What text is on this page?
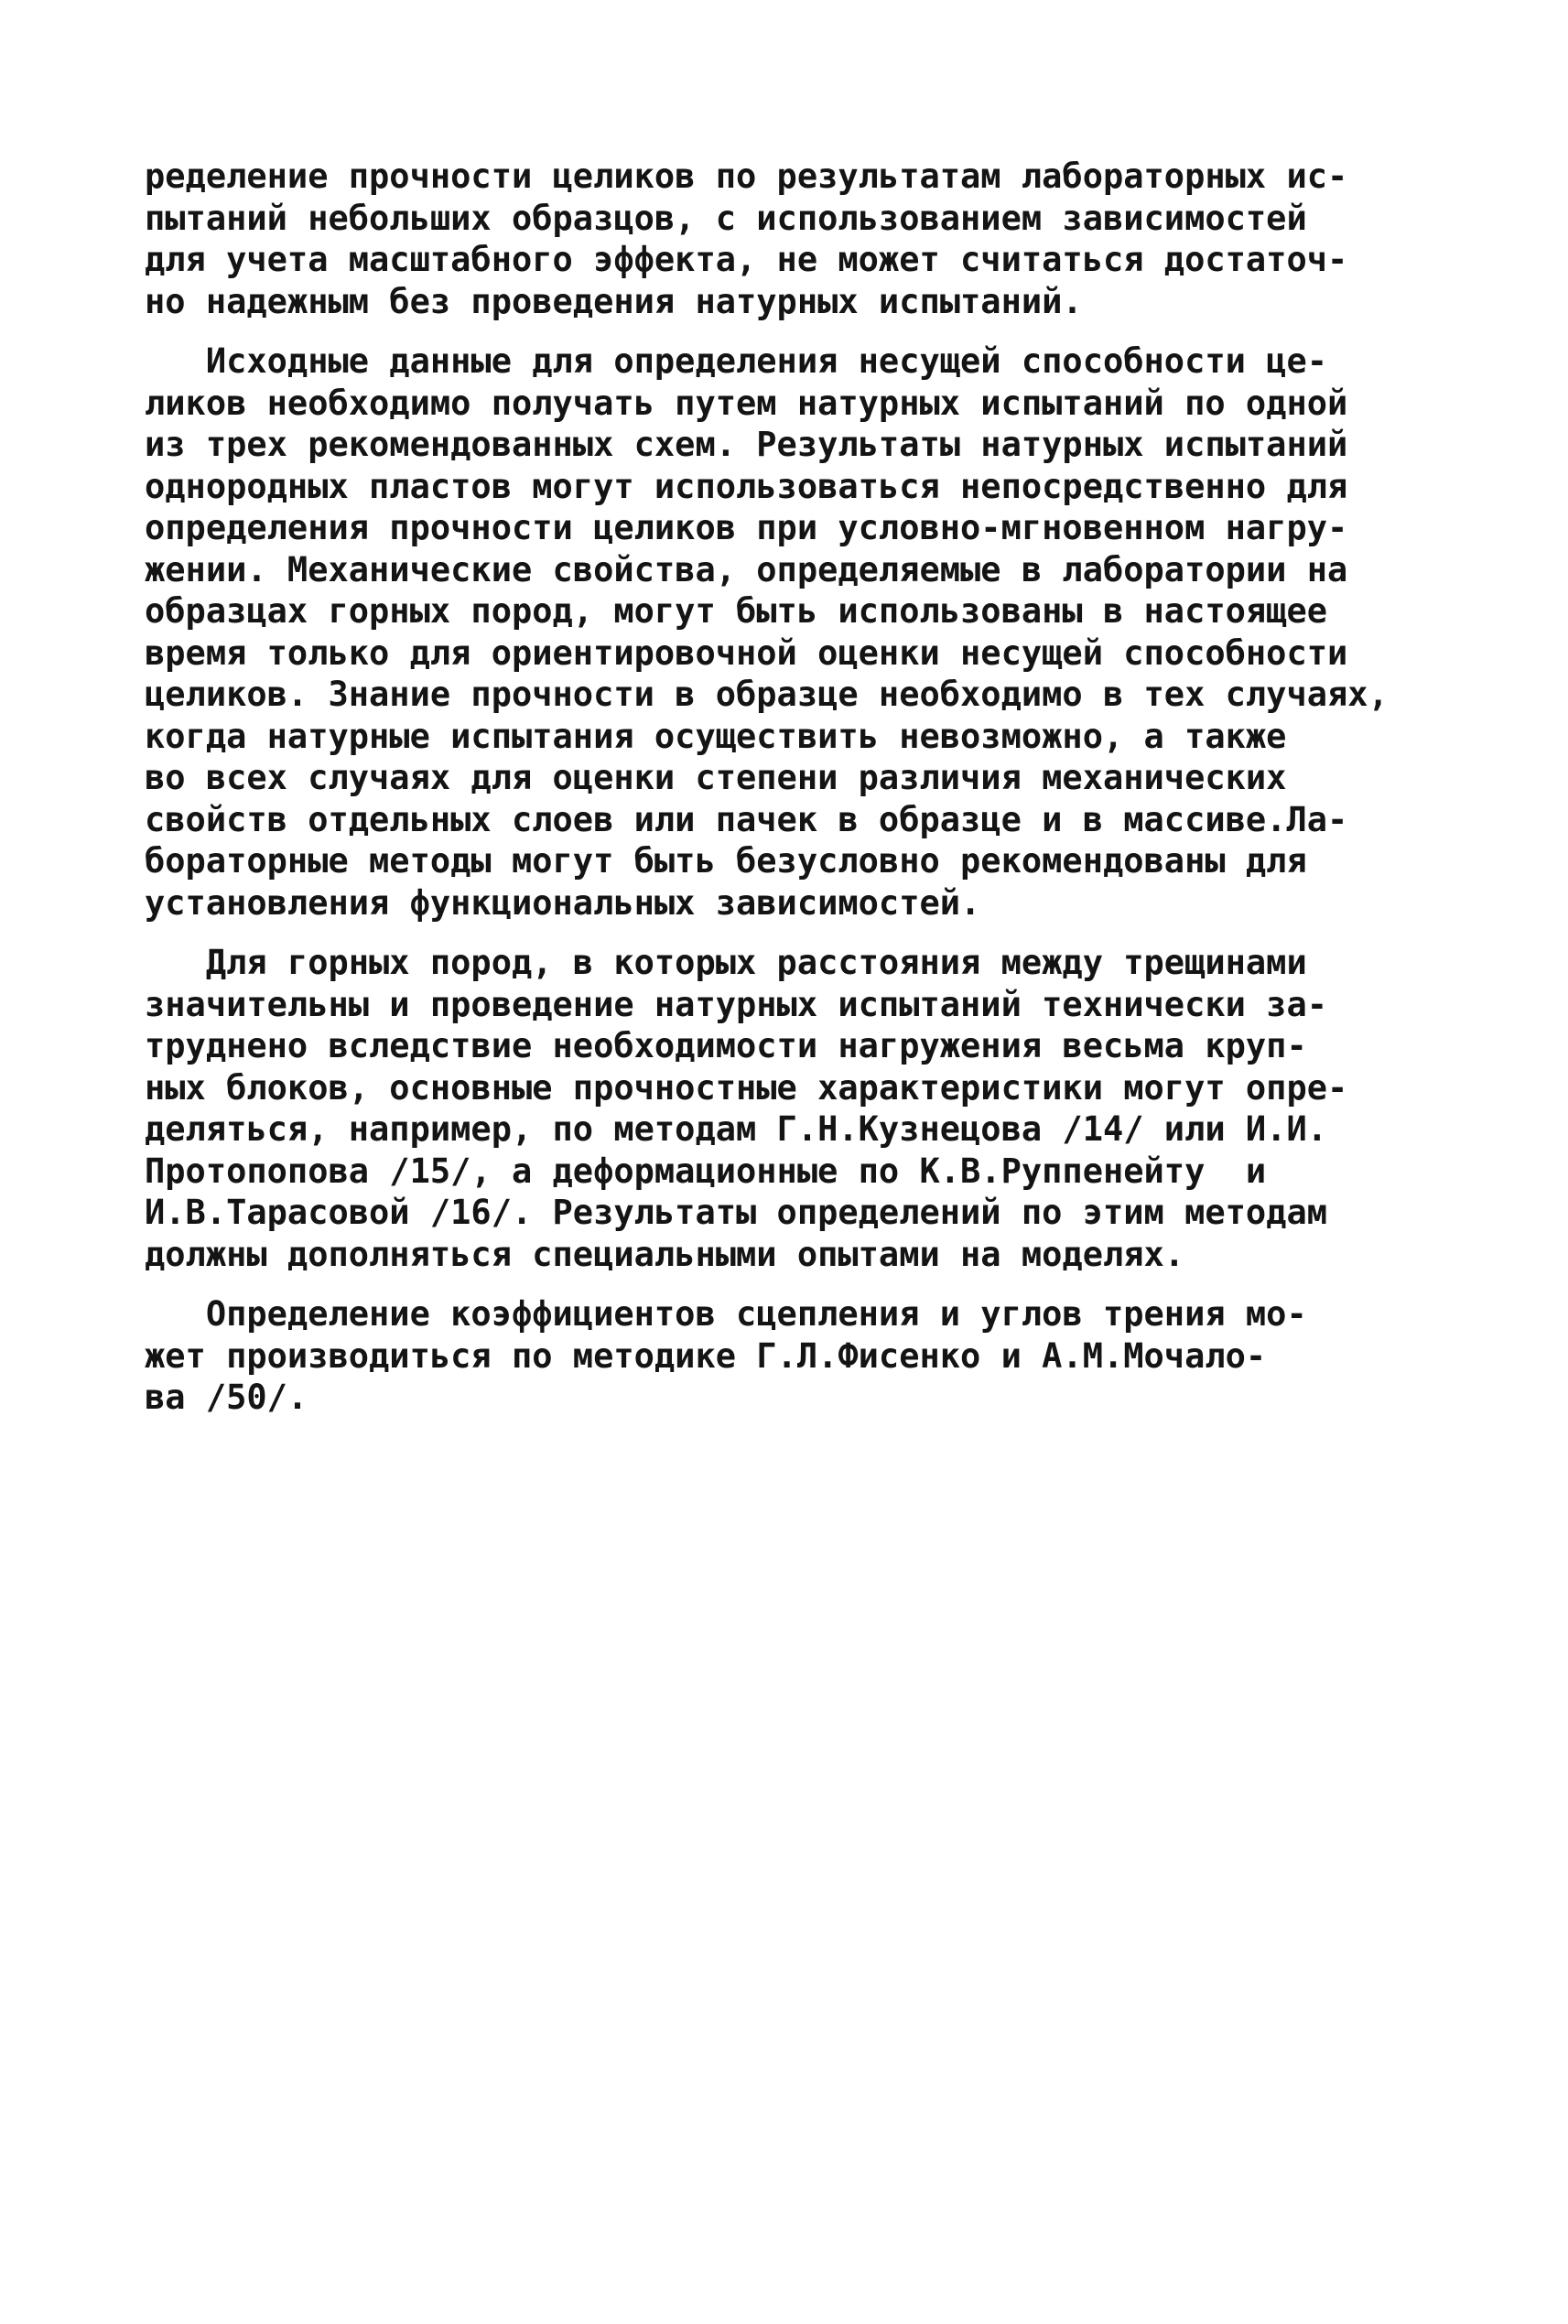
ределение прочности целиков по результатам лабораторных ис-
пытаний небольших образцов, с использованием зависимостей
для учета масштабного эффекта, не может считаться достаточ-
но надежным без проведения натурных испытаний.
Исходные данные для определения несущей способности це-
ликов необходимо получать путем натурных испытаний по одной
из трех рекомендованных схем. Результаты натурных испытаний
однородных пластов могут использоваться непосредственно для
определения прочности целиков при условно-мгновенном нагру-
жении. Механические свойства, определяемые в лаборатории на
образцах горных пород, могут быть использованы в настоящее
время только для ориентировочной оценки несущей способности
целиков. Знание прочности в образце необходимо в тех случаях,
когда натурные испытания осуществить невозможно, а также
во всех случаях для оценки степени различия механических
свойств отдельных слоев или пачек в образце и в массиве.Ла-
бораторные методы могут быть безусловно рекомендованы для
установления функциональных зависимостей.
Для горных пород, в которых расстояния между трещинами
значительны и проведение натурных испытаний технически за-
труднено вследствие необходимости нагружения весьма круп-
ных блоков, основные прочностные характеристики могут опре-
деляться, например, по методам Г.Н.Кузнецова /14/ или И.И.
Протопопова /15/, а деформационные по К.В.Руппенейту  и
И.В.Тарасовой /16/. Результаты определений по этим методам
должны дополняться специальными опытами на моделях.
Определение коэффициентов сцепления и углов трения мо-
жет производиться по методике Г.Л.Фисенко и А.М.Мочало-
ва /50/.
